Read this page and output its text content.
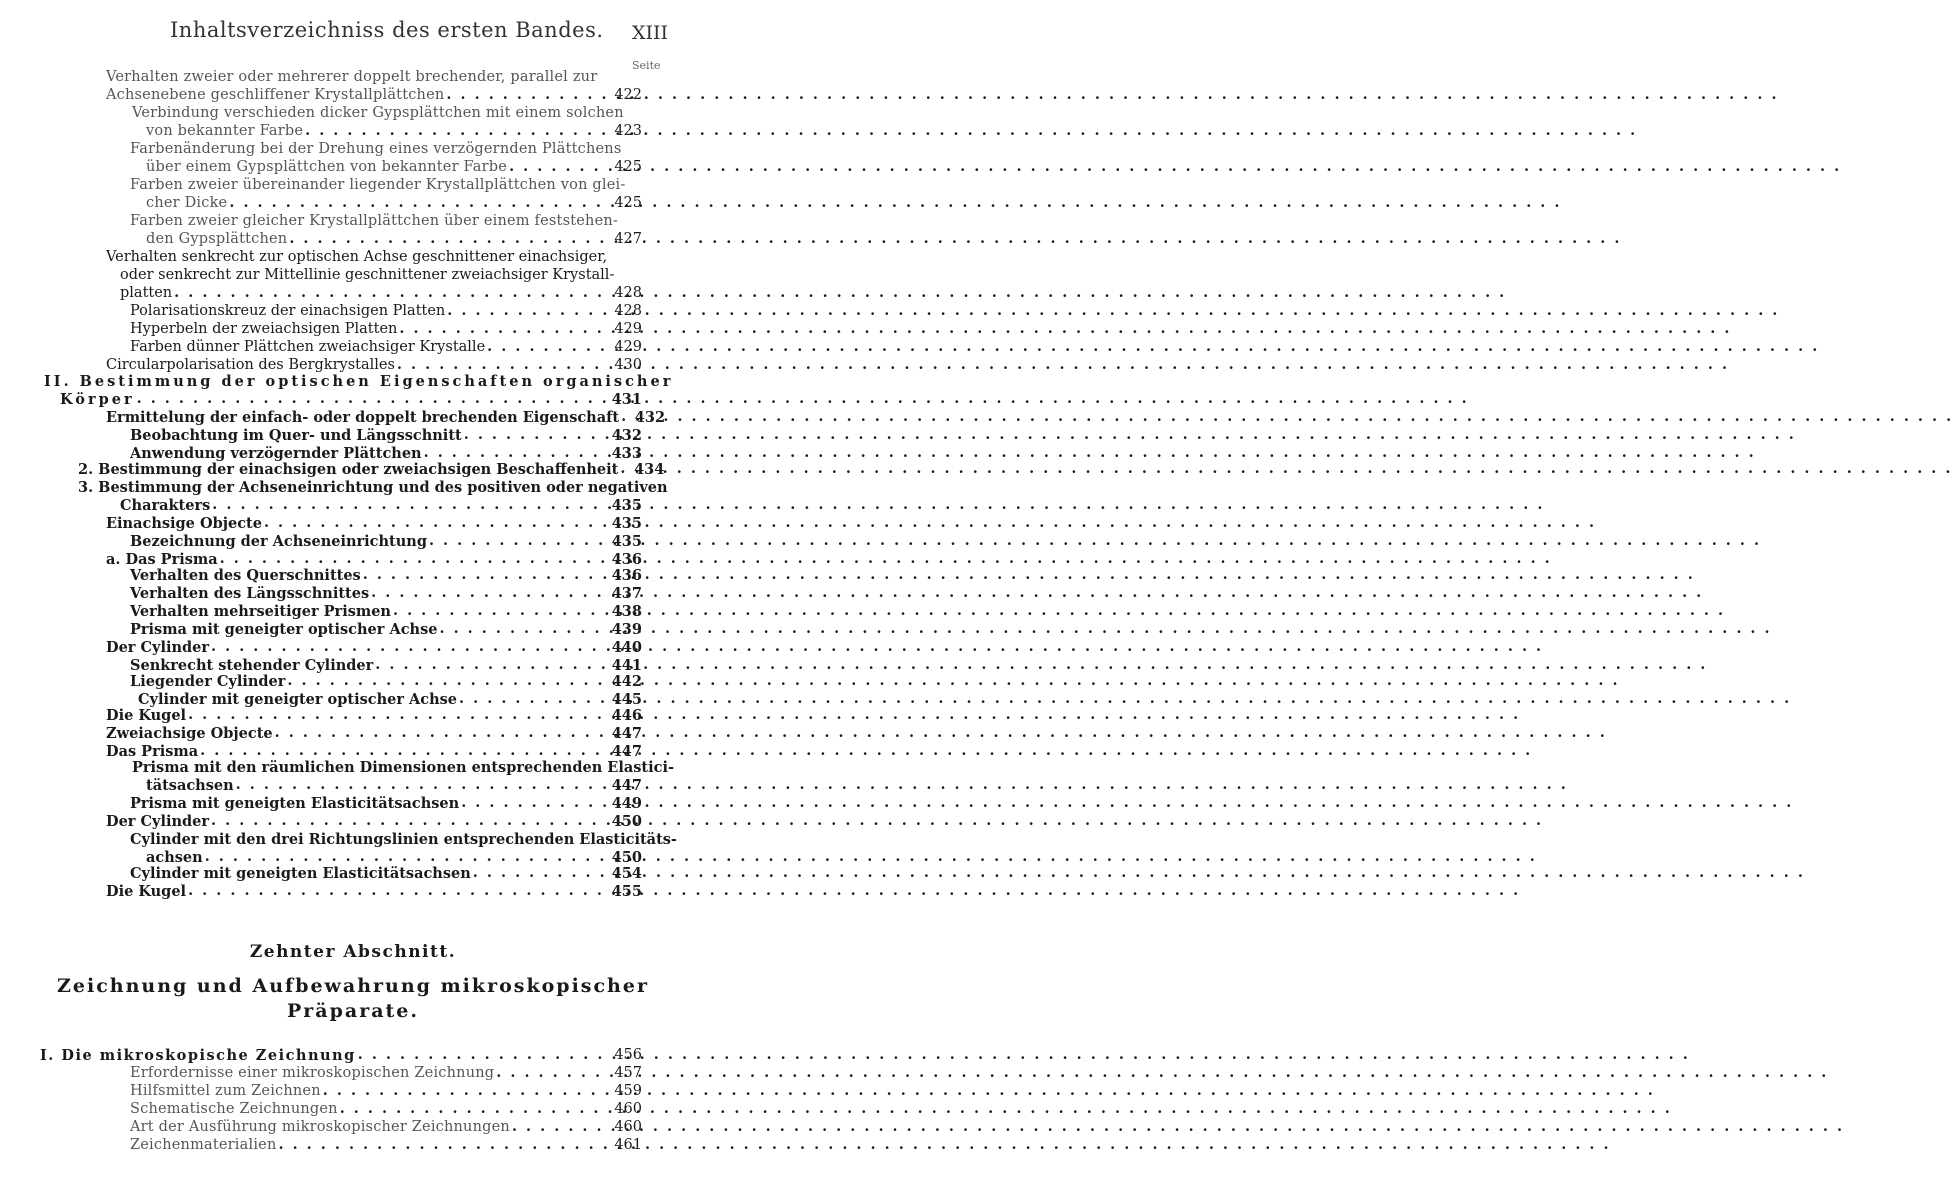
Inhaltsverzeichniss des ersten Bandes. XIII
Seite
Verhalten zweier oder mehrerer doppelt brechender, parallel zur
Achsenebene geschliffener Krystallplättchen . . .	422
Verbindung verschieden dicker Gypsplättchen mit einem solchen
von bekannter Farbe . . .	423
Farbenänderung bei der Drehung eines verzögernden Plättchens
über einem Gypsplättchen von bekannter Farbe . . .	425
Farben zweier übereinander liegender Krystallplättchen von glei-
cher Dicke . . .	425
Farben zweier gleicher Krystallplättchen über einem feststehen-
den Gypsplättchen . . .	427
Verhalten senkrecht zur optischen Achse geschnittener einachsiger,
oder senkrecht zur Mittellinie geschnittener zweiachsiger Krystall-
platten . . .	428
Polarisationskreuz der einachsigen Platten . . .	428
Hyperbeln der zweiachsigen Platten . . .	429
Farben dünner Plättchen zweiachsiger Krystalle . . .	429
Circularpolarisation des Bergkrystalles . . .	430
II. Bestimmung der optischen Eigenschaften organischer
Körper . . .	431
Ermittelung der einfach- oder doppelt brechenden Eigenschaft . . . 432
Beobachtung im Quer- und Längsschnitt . . .	432
Anwendung verzögernder Plättchen . . .	433
2. Bestimmung der einachsigen oder zweiachsigen Beschaffenheit . . . 434
3. Bestimmung der Achseneinrichtung und des positiven oder negativen
Charakters . . .	435
Einachsige Objecte . . .	435
Bezeichnung der Achseneinrichtung . . .	435
a. Das Prisma . . .	436
Verhalten des Querschnittes . . .	436
Verhalten des Längsschnittes . . .	437
Verhalten mehrseitiger Prismen . . .	438
Prisma mit geneigter optischer Achse . . .	439
Der Cylinder . . .	440
Senkrecht stehender Cylinder . . .	441
Liegender Cylinder . . .	442
Cylinder mit geneigter optischer Achse . . .	445
Die Kugel . . .	446
Zweiachsige Objecte . . .	447
Das Prisma . . .	447
Prisma mit den räumlichen Dimensionen entsprechenden Elastici-
tätsachsen . . .	447
Prisma mit geneigten Elasticitätsachsen . . .	449
Der Cylinder . . .	450
Cylinder mit den drei Richtungslinien entsprechenden Elasticitäts-
achsen . . .	450
Cylinder mit geneigten Elasticitätsachsen . . .	454
Die Kugel . . .	455
Zehnter Abschnitt.
Zeichnung und Aufbewahrung mikroskopischer
Präparate.
I. Die mikroskopische Zeichnung . . .	456
Erfordernisse einer mikroskopischen Zeichnung . . .	457
Hilfsmittel zum Zeichnen . . .	459
Schematische Zeichnungen . . .	460
Art der Ausführung mikroskopischer Zeichnungen . . .	460
Zeichenmaterialien . . .	461
